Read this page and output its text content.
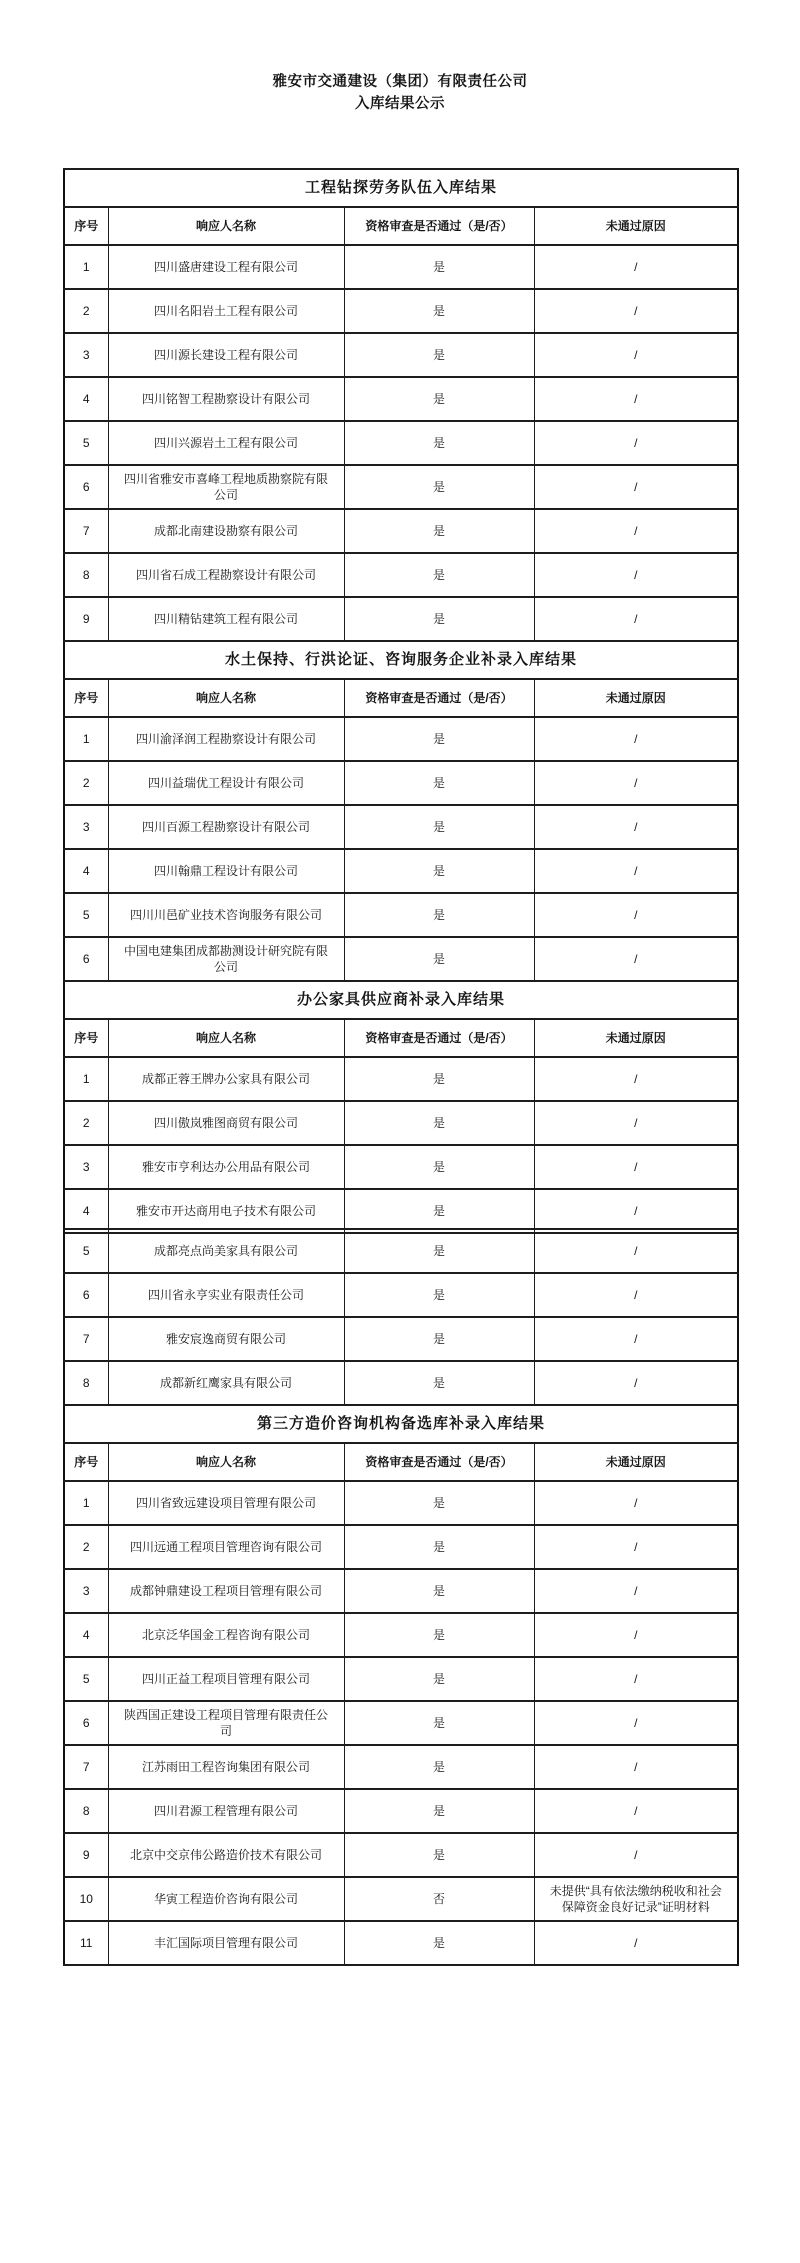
雅安市交通建设（集团）有限责任公司
入库结果公示
工程钻探劳务队伍入库结果			
序号	响应人名称	资格审查是否通过（是/否）	未通过原因
1	四川盛唐建设工程有限公司	是	/
2	四川名阳岩土工程有限公司	是	/
3	四川源长建设工程有限公司	是	/
4	四川铭智工程勘察设计有限公司	是	/
5	四川兴源岩土工程有限公司	是	/
6	四川省雅安市喜峰工程地质勘察院有限公司	是	/
7	成都北南建设勘察有限公司	是	/
8	四川省石成工程勘察设计有限公司	是	/
9	四川精钻建筑工程有限公司	是	/
水土保持、行洪论证、咨询服务企业补录入库结果			
序号	响应人名称	资格审查是否通过（是/否）	未通过原因
1	四川渝泽润工程勘察设计有限公司	是	/
2	四川益瑞优工程设计有限公司	是	/
3	四川百源工程勘察设计有限公司	是	/
4	四川翰鼎工程设计有限公司	是	/
5	四川川邑矿业技术咨询服务有限公司	是	/
6	中国电建集团成都勘测设计研究院有限公司	是	/
办公家具供应商补录入库结果			
序号	响应人名称	资格审查是否通过（是/否）	未通过原因
1	成都正蓉王牌办公家具有限公司	是	/
2	四川傲岚雅图商贸有限公司	是	/
3	雅安市亨利达办公用品有限公司	是	/
4	雅安市开达商用电子技术有限公司	是	/
5	成都亮点尚美家具有限公司	是	/
6	四川省永亨实业有限责任公司	是	/
7	雅安宸逸商贸有限公司	是	/
8	成都新红鹰家具有限公司	是	/
第三方造价咨询机构备选库补录入库结果			
序号	响应人名称	资格审查是否通过（是/否）	未通过原因
1	四川省致远建设项目管理有限公司	是	/
2	四川远通工程项目管理咨询有限公司	是	/
3	成都钟鼎建设工程项目管理有限公司	是	/
4	北京泛华国金工程咨询有限公司	是	/
5	四川正益工程项目管理有限公司	是	/
6	陕西国正建设工程项目管理有限责任公司	是	/
7	江苏雨田工程咨询集团有限公司	是	/
8	四川君源工程管理有限公司	是	/
9	北京中交京伟公路造价技术有限公司	是	/
10	华寅工程造价咨询有限公司	否	未提供“具有依法缴纳税收和社会保障资金良好记录”证明材料
11	丰汇国际项目管理有限公司	是	/
